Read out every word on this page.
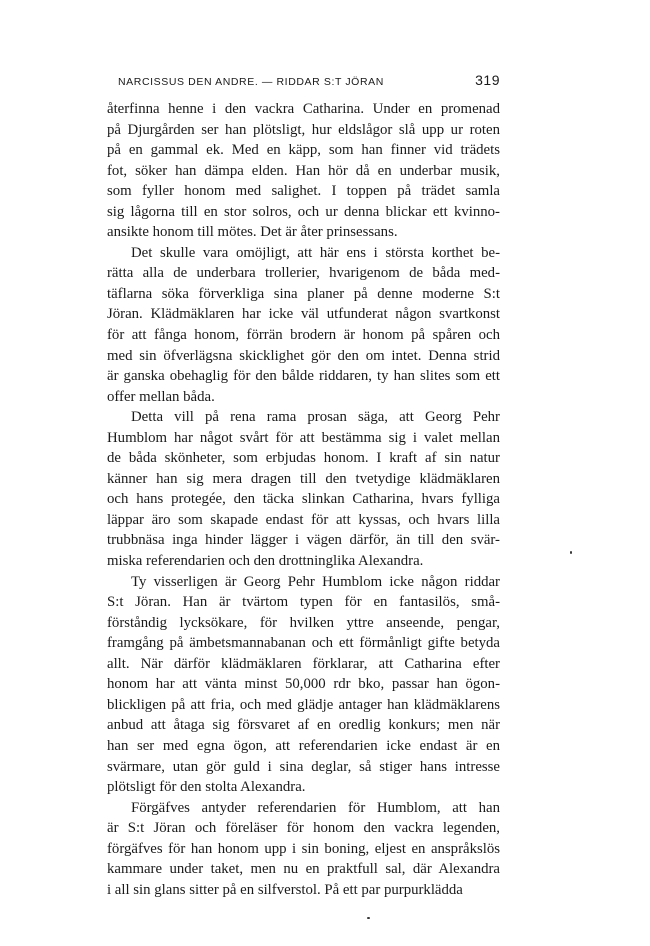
NARCISSUS DEN ANDRE. — RIDDAR S:T JÖRAN	319
återfinna henne i den vackra Catharina. Under en promenad
på Djurgården ser han plötsligt, hur eldslågor slå upp ur roten
på en gammal ek. Med en käpp, som han finner vid trädets
fot, söker han dämpa elden. Han hör då en underbar musik,
som fyller honom med salighet. I toppen på trädet samla
sig lågorna till en stor solros, och ur denna blickar ett kvinno-
ansikte honom till mötes. Det är åter prinsessans.
Det skulle vara omöjligt, att här ens i största korthet be-
rätta alla de underbara trollerier, hvarigenom de båda med-
täflarna söka förverkliga sina planer på denne moderne S:t
Jöran. Klädmäklaren har icke väl utfunderat någon svartkonst
för att fånga honom, förrän brodern är honom på spåren och
med sin öfverlägsna skicklighet gör den om intet. Denna strid
är ganska obehaglig för den bålde riddaren, ty han slites som ett
offer mellan båda.
Detta vill på rena rama prosan säga, att Georg Pehr
Humblom har något svårt för att bestämma sig i valet mellan
de båda skönheter, som erbjudas honom. I kraft af sin natur
känner han sig mera dragen till den tvetydige klädmäklaren
och hans protegée, den täcka slinkan Catharina, hvars fylliga
läppar äro som skapade endast för att kyssas, och hvars lilla
trubbnäsa inga hinder lägger i vägen därför, än till den svär-
miska referendarien och den drottninglika Alexandra.
Ty visserligen är Georg Pehr Humblom icke någon riddar
S:t Jöran. Han är tvärtom typen för en fantasilös, små-
förståndig lycksökare, för hvilken yttre anseende, pengar,
framgång på ämbetsmannabanan och ett förmånligt gifte betyda
allt. När därför klädmäklaren förklarar, att Catharina efter
honom har att vänta minst 50,000 rdr bko, passar han ögon-
blickligen på att fria, och med glädje antager han klädmäklarens
anbud att åtaga sig försvaret af en oredlig konkurs; men när
han ser med egna ögon, att referendarien icke endast är en
svärmare, utan gör guld i sina deglar, så stiger hans intresse
plötsligt för den stolta Alexandra.
Förgäfves antyder referendarien för Humblom, att han
är S:t Jöran och föreläser för honom den vackra legenden,
förgäfves för han honom upp i sin boning, eljest en anspråkslös
kammare under taket, men nu en praktfull sal, där Alexandra
i all sin glans sitter på en silfverstol. På ett par purpurklädda
